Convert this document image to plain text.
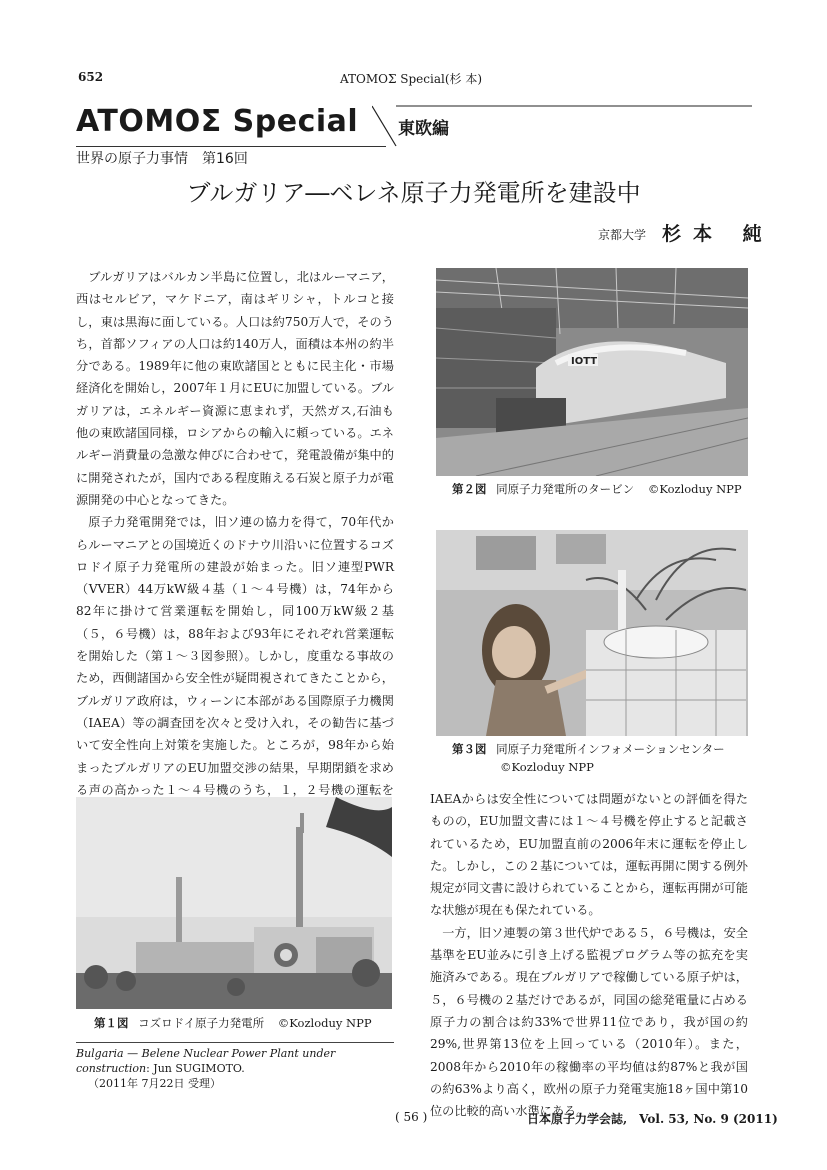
652	ATOMOΣ Special(杉 本)
ATOMOΣ Special 東欧編
世界の原子力事情　第16回
ブルガリア―ベレネ原子力発電所を建設中
京都大学 杉本 純

ブルガリアはバルカン半島に位置し，北はルーマニア，西はセルビア，マケドニア，南はギリシャ，トルコと接し，東は黒海に面している。人口は約750万人で，そのうち，首都ソフィアの人口は約140万人，面積は本州の約半分である。1989年に他の東欧諸国とともに民主化・市場経済化を開始し，2007年１月にEUに加盟している。ブルガリアは，エネルギー資源に恵まれず，天然ガス,石油も他の東欧諸国同様，ロシアからの輸入に頼っている。エネルギー消費量の急激な伸びに合わせて，発電設備が集中的に開発されたが，国内である程度賄える石炭と原子力が電源開発の中心となってきた。

原子力発電開発では，旧ソ連の協力を得て，70年代からルーマニアとの国境近くのドナウ川沿いに位置するコズロドイ原子力発電所の建設が始まった。旧ソ連型PWR（VVER）44万kW級４基（１～４号機）は，74年から82年に掛けて営業運転を開始し，同100万kW級２基（５，６号機）は，88年および93年にそれぞれ営業運転を開始した（第１～３図参照）。しかし，度重なる事故のため，西側諸国から安全性が疑問視されてきたことから，ブルガリア政府は，ウィーンに本部がある国際原子力機関（IAEA）等の調査団を次々と受け入れ，その勧告に基づいて安全性向上対策を実施した。ところが，98年から始まったブルガリアのEU加盟交渉の結果，早期閉鎖を求める声の高かった１～４号機のうち，１，２号機の運転を

IOTT
第２図 同原子力発電所のタービン ©Kozloduy NPP
第３図 同原子力発電所インフォメーションセンター
©Kozloduy NPP
第１図 コズロドイ原子力発電所 ©Kozloduy NPP

IAEAからは安全性については問題がないとの評価を得たものの，EU加盟文書には１～４号機を停止すると記載されているため，EU加盟直前の2006年末に運転を停止した。しかし，この２基については，運転再開に関する例外規定が同文書に設けられていることから，運転再開が可能な状態が現在も保たれている。

一方，旧ソ連製の第３世代炉である５，６号機は，安全基準をEU並みに引き上げる監視プログラム等の拡充を実施済みである。現在ブルガリアで稼働している原子炉は，５，６号機の２基だけであるが，同国の総発電量に占める原子力の割合は約33%で世界11位であり，我が国の約29%,世界第13位を上回っている（2010年）。また，2008年から2010年の稼働率の平均値は約87%と我が国の約63%より高く，欧州の原子力発電実施18ヶ国中第10位の比較的高い水準にある。

Bulgaria — Belene Nuclear Power Plant under construction: Jun SUGIMOTO.
（2011年 7月22日 受理）
( 56 )	日本原子力学会誌,　Vol. 53, No. 9 (2011)
